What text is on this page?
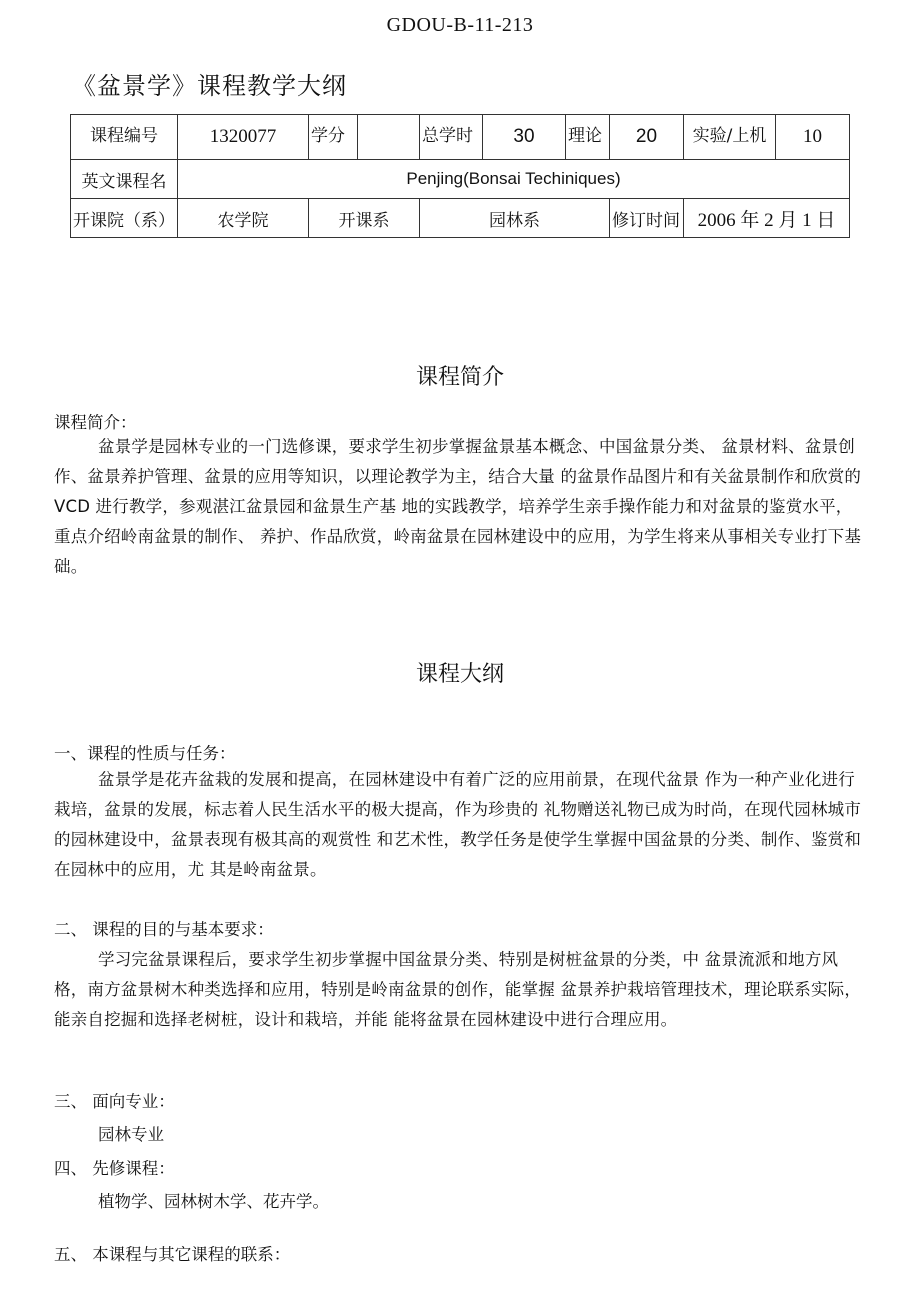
GDOU-B-11-213
《盆景学》课程教学大纲
课程编号	1320077	学分		总学时	30	理论	20	实验/上机	10
英文课程名	Penjing(Bonsai Techiniques)								
开课院（系）	农学院	开课系		园林系			修订时间	2006 年 2 月 1 日	
课程简介
课程简介：
盆景学是园林专业的一门选修课，要求学生初步掌握盆景基本概念、中国盆景分类、 盆景材料、盆景创作、盆景养护管理、盆景的应用等知识，以理论教学为主，结合大量 的盆景作品图片和有关盆景制作和欣赏的 VCD 进行教学，参观湛江盆景园和盆景生产基 地的实践教学，培养学生亲手操作能力和对盆景的鉴赏水平，重点介绍岭南盆景的制作、 养护、作品欣赏，岭南盆景在园林建设中的应用，为学生将来从事相关专业打下基础。
课程大纲
一、课程的性质与任务：
盆景学是花卉盆栽的发展和提高，在园林建设中有着广泛的应用前景，在现代盆景 作为一种产业化进行栽培，盆景的发展，标志着人民生活水平的极大提高，作为珍贵的 礼物赠送礼物已成为时尚，在现代园林城市的园林建设中，盆景表现有极其高的观赏性 和艺术性，教学任务是使学生掌握中国盆景的分类、制作、鉴赏和在园林中的应用，尤 其是岭南盆景。
二、 课程的目的与基本要求：
学习完盆景课程后，要求学生初步掌握中国盆景分类、特别是树桩盆景的分类，中 盆景流派和地方风格，南方盆景树木种类选择和应用，特别是岭南盆景的创作，能掌握 盆景养护栽培管理技术，理论联系实际，能亲自挖掘和选择老树桩，设计和栽培，并能 能将盆景在园林建设中进行合理应用。
三、 面向专业：
园林专业
四、 先修课程：
植物学、园林树木学、花卉学。
五、 本课程与其它课程的联系：
